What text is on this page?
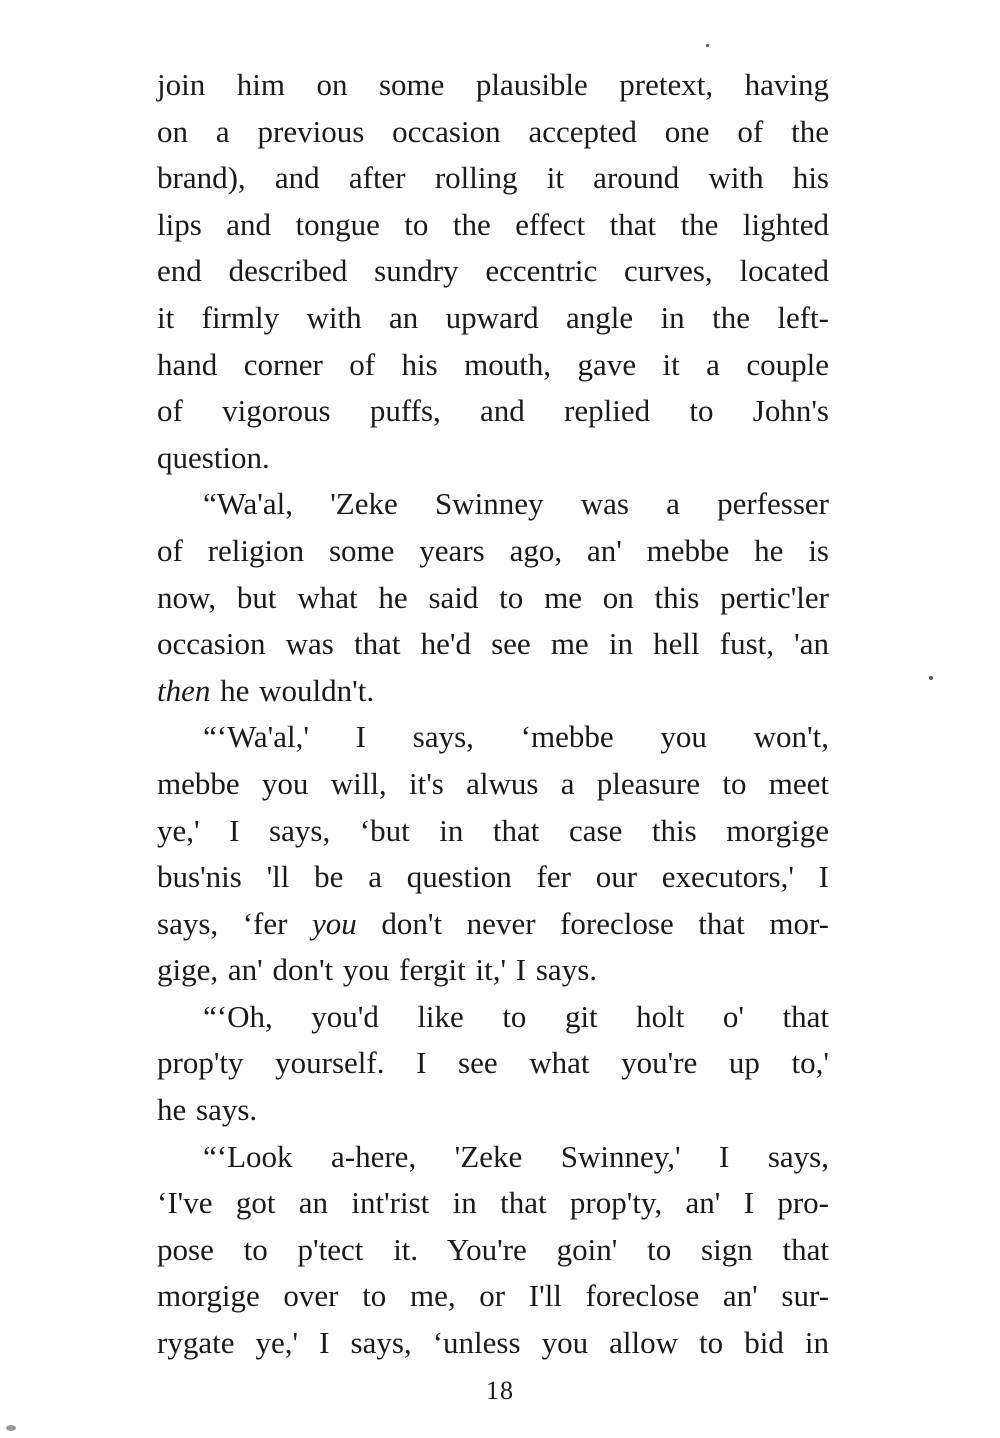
join him on some plausible pretext, having
on a previous occasion accepted one of the
brand), and after rolling it around with his
lips and tongue to the effect that the lighted
end described sundry eccentric curves, located
it firmly with an upward angle in the left-
hand corner of his mouth, gave it a couple
of vigorous puffs, and replied to John's
question.
“Wa'al, 'Zeke Swinney was a perfesser
of religion some years ago, an' mebbe he is
now, but what he said to me on this pertic'ler
occasion was that he'd see me in hell fust, 'an
then he wouldn't.
“‘Wa'al,' I says, ‘mebbe you won't,
mebbe you will, it's alwus a pleasure to meet
ye,' I says, ‘but in that case this morgige
bus'nis 'll be a question fer our executors,' I
says, ‘fer you don't never foreclose that mor-
gige, an' don't you fergit it,' I says.
“‘Oh, you'd like to git holt o' that
prop'ty yourself. I see what you're up to,'
he says.
“‘Look a-here, 'Zeke Swinney,' I says,
‘I've got an int'rist in that prop'ty, an' I pro-
pose to p'tect it. You're goin' to sign that
morgige over to me, or I'll foreclose an' sur-
rygate ye,' I says, ‘unless you allow to bid in
18
